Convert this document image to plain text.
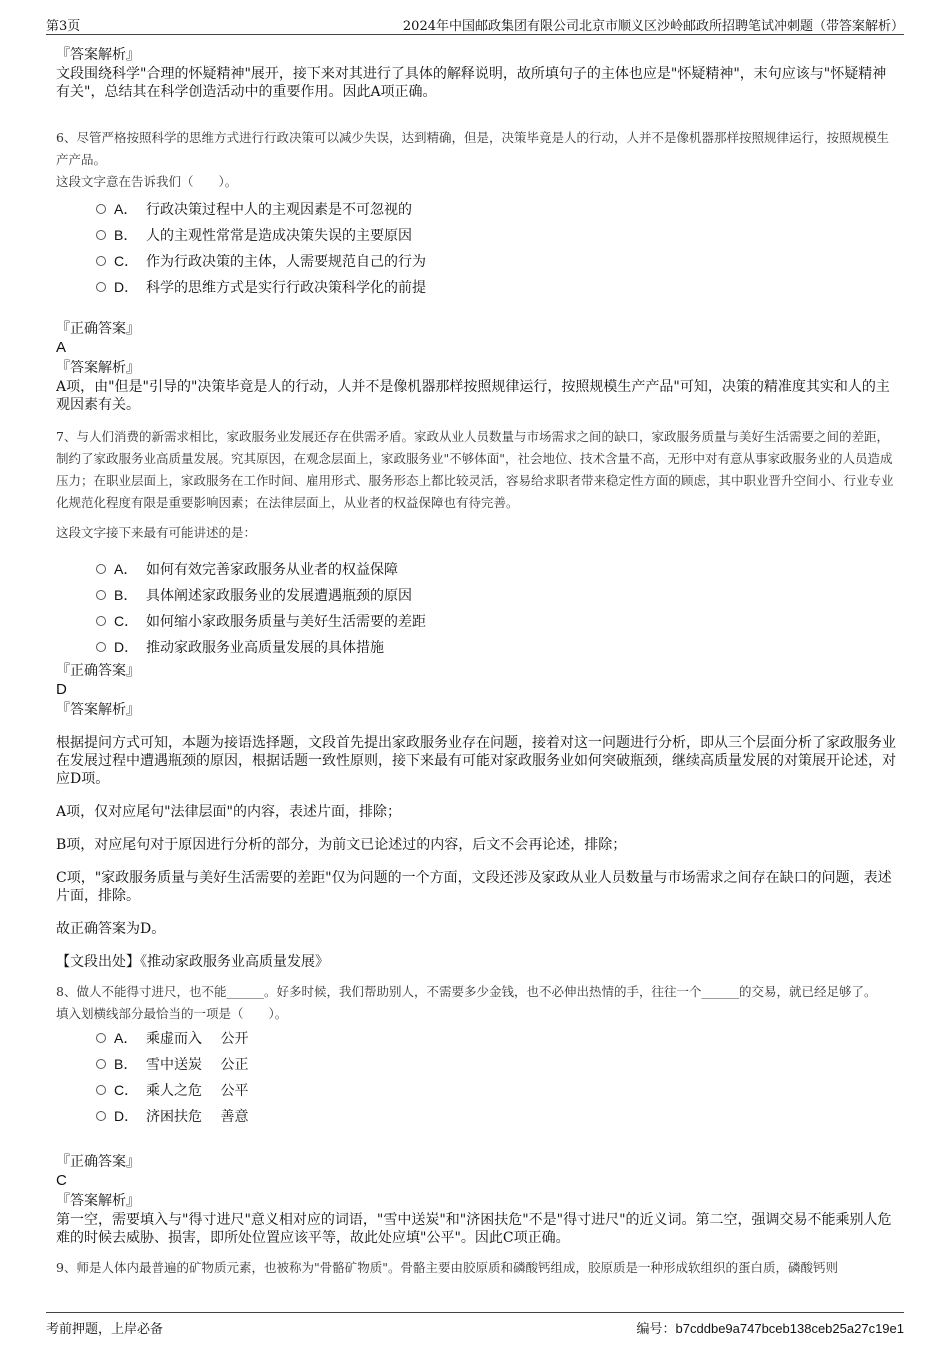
第3页	2024年中国邮政集团有限公司北京市顺义区沙岭邮政所招聘笔试冲刺题（带答案解析）
『答案解析』

文段围绕科学"合理的怀疑精神"展开，接下来对其进行了具体的解释说明，故所填句子的主体也应是"怀疑精神"，末句应该与"怀疑精神有关"，总结其在科学创造活动中的重要作用。因此A项正确。

6、尽管严格按照科学的思维方式进行行政决策可以减少失误，达到精确，但是，决策毕竟是人的行动，人并不是像机器那样按照规律运行，按照规模生产产品。

这段文字意在告诉我们（　　）。

A． 行政决策过程中人的主观因素是不可忽视的
B． 人的主观性常常是造成决策失误的主要原因
C． 作为行政决策的主体，人需要规范自己的行为
D． 科学的思维方式是实行行政决策科学化的前提
『正确答案』
A
『答案解析』

A项，由"但是"引导的"决策毕竟是人的行动，人并不是像机器那样按照规律运行，按照规模生产产品"可知，决策的精准度其实和人的主观因素有关。

7、与人们消费的新需求相比，家政服务业发展还存在供需矛盾。家政从业人员数量与市场需求之间的缺口，家政服务质量与美好生活需要之间的差距，制约了家政服务业高质量发展。究其原因，在观念层面上，家政服务业"不够体面"，社会地位、技术含量不高，无形中对有意从事家政服务业的人员造成压力；在职业层面上，家政服务在工作时间、雇用形式、服务形态上都比较灵活，容易给求职者带来稳定性方面的顾虑，其中职业晋升空间小、行业专业化规范化程度有限是重要影响因素；在法律层面上，从业者的权益保障也有待完善。

这段文字接下来最有可能讲述的是：

A． 如何有效完善家政服务从业者的权益保障
B． 具体阐述家政服务业的发展遭遇瓶颈的原因
C． 如何缩小家政服务质量与美好生活需要的差距
D． 推动家政服务业高质量发展的具体措施
『正确答案』
D
『答案解析』

根据提问方式可知，本题为接语选择题，文段首先提出家政服务业存在问题，接着对这一问题进行分析，即从三个层面分析了家政服务业在发展过程中遭遇瓶颈的原因，根据话题一致性原则，接下来最有可能对家政服务业如何突破瓶颈，继续高质量发展的对策展开论述，对应D项。

A项，仅对应尾句"法律层面"的内容，表述片面，排除；

B项，对应尾句对于原因进行分析的部分，为前文已论述过的内容，后文不会再论述，排除；

C项，"家政服务质量与美好生活需要的差距"仅为问题的一个方面，文段还涉及家政从业人员数量与市场需求之间存在缺口的问题，表述片面，排除。

故正确答案为D。

【文段出处】《推动家政服务业高质量发展》

8、做人不能得寸进尺，也不能______。好多时候，我们帮助别人，不需要多少金钱，也不必伸出热情的手，往往一个______的交易，就已经足够了。

填入划横线部分最恰当的一项是（　　）。

A． 乘虚而入　 公开
B． 雪中送炭　 公正
C． 乘人之危　 公平
D． 济困扶危　 善意
『正确答案』
C
『答案解析』

第一空，需要填入与"得寸进尺"意义相对应的词语，"雪中送炭"和"济困扶危"不是"得寸进尺"的近义词。第二空，强调交易不能乘别人危难的时候去威胁、损害，即所处位置应该平等，故此处应填"公平"。因此C项正确。

9、师是人体内最普遍的矿物质元素，也被称为"骨骼矿物质"。骨骼主要由胶原质和磷酸钙组成，胶原质是一种形成软组织的蛋白质，磷酸钙则

考前押题，上岸必备	编号：b7cddbe9a747bceb138ceb25a27c19e1
